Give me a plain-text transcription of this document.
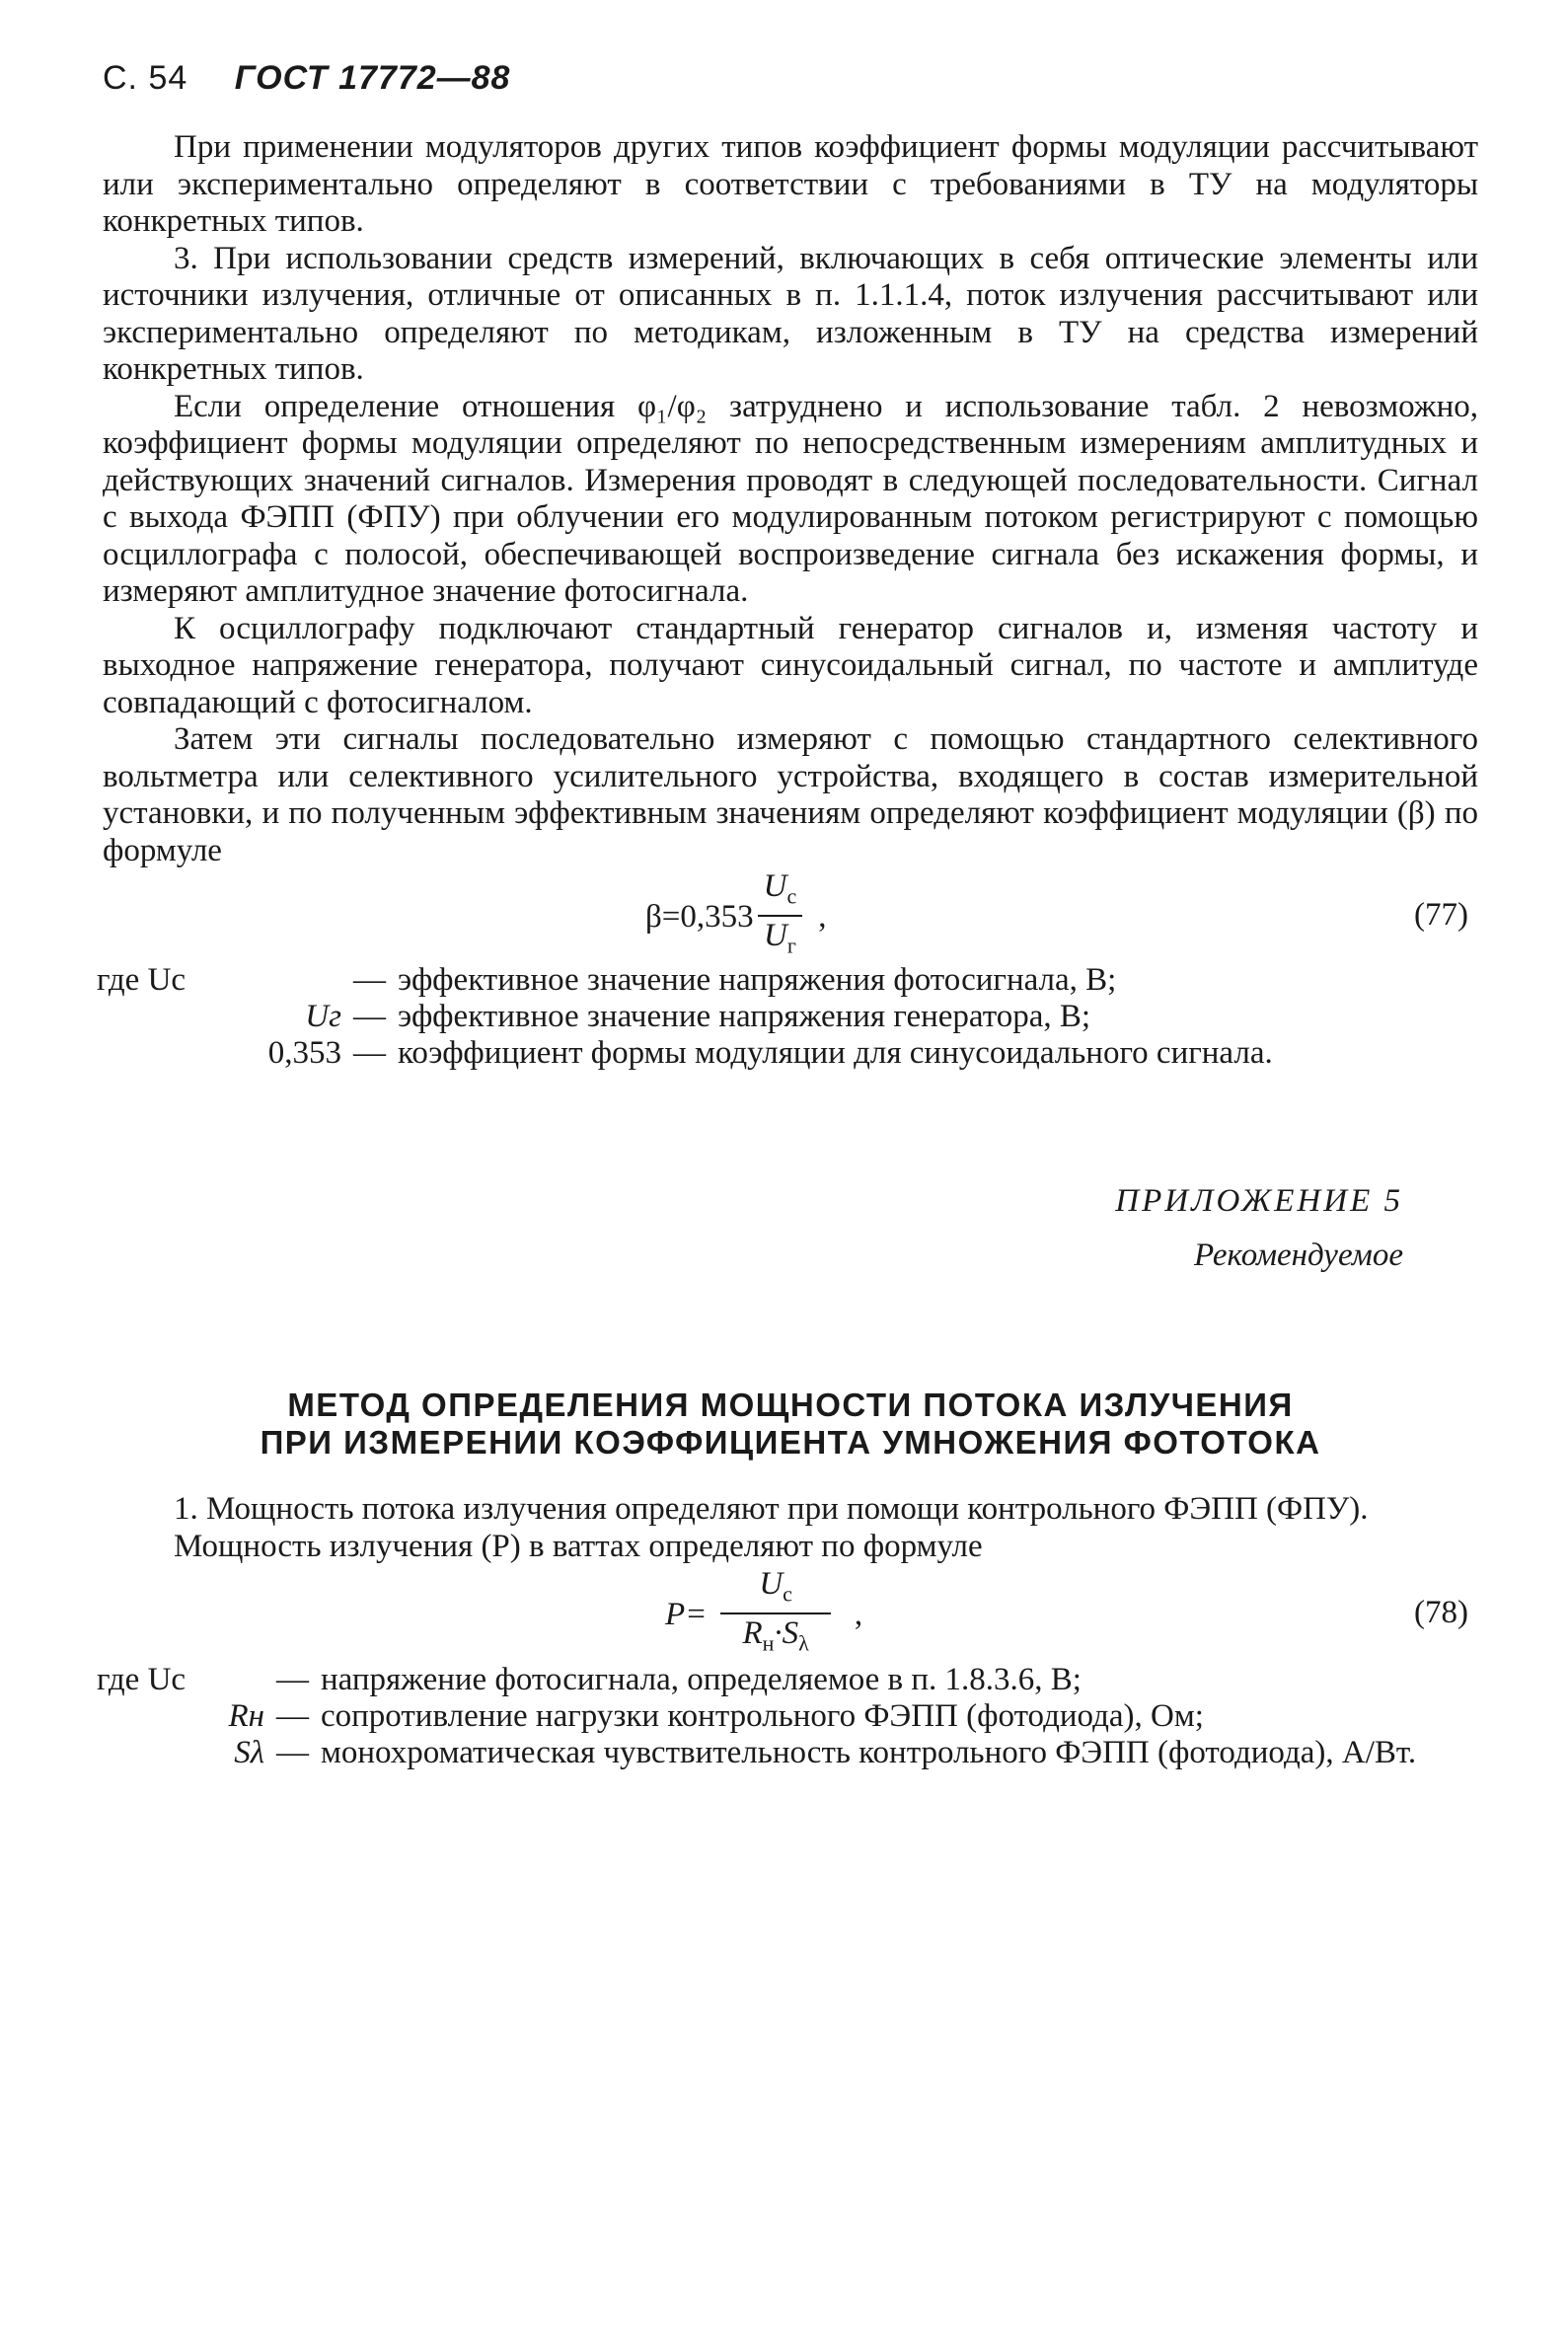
С. 54 ГОСТ 17772—88

При применении модуляторов других типов коэффициент формы модуляции рассчитывают или экспериментально определяют в соответствии с требованиями в ТУ на модуляторы конкретных типов.

3. При использовании средств измерений, включающих в себя оптические элементы или источники излучения, отличные от описанных в п. 1.1.1.4, поток излучения рассчитывают или экспериментально определяют по методикам, изложенным в ТУ на средства измерений конкретных типов.

Если определение отношения φ₁/φ₂ затруднено и использование табл. 2 невозможно, коэффициент формы модуляции определяют по непосредственным измерениям амплитудных и действующих значений сигналов. Измерения проводят в следующей последовательности. Сигнал с выхода ФЭПП (ФПУ) при облучении его модулированным потоком регистрируют с помощью осциллографа с полосой, обеспечивающей воспроизведение сигнала без искажения формы, и измеряют амплитудное значение фотосигнала.

К осциллографу подключают стандартный генератор сигналов и, изменяя частоту и выходное напряжение генератора, получают синусоидальный сигнал, по частоте и амплитуде совпадающий с фотосигналом.

Затем эти сигналы последовательно измеряют с помощью стандартного селективного вольтметра или селективного усилительного устройства, входящего в состав измерительной установки, и по полученным эффективным значениям определяют коэффициент модуляции (β) по формуле

$\beta=0,353 \frac{U_с}{U_г}$ ,	(77)
где Uс	— эффективное значение напряжения фотосигнала, В;
Uг — эффективное значение напряжения генератора, В;
0,353 — коэффициент формы модуляции для синусоидального сигнала.
ПРИЛОЖЕНИЕ 5
Рекомендуемое
МЕТОД ОПРЕДЕЛЕНИЯ МОЩНОСТИ ПОТОКА ИЗЛУЧЕНИЯ
ПРИ ИЗМЕРЕНИИ КОЭФФИЦИЕНТА УМНОЖЕНИЯ ФОТОТОКА

1. Мощность потока излучения определяют при помощи контрольного ФЭПП (ФПУ).

Мощность излучения (P) в ваттах определяют по формуле

$P= \frac{U_с}{R_н\cdot S_\lambda}$ ,	(78)
где Uс	— напряжение фотосигнала, определяемое в п. 1.8.3.6, В;
Rн — сопротивление нагрузки контрольного ФЭПП (фотодиода), Ом;
Sλ — монохроматическая чувствительность контрольного ФЭПП (фотодиода), А/Вт.
